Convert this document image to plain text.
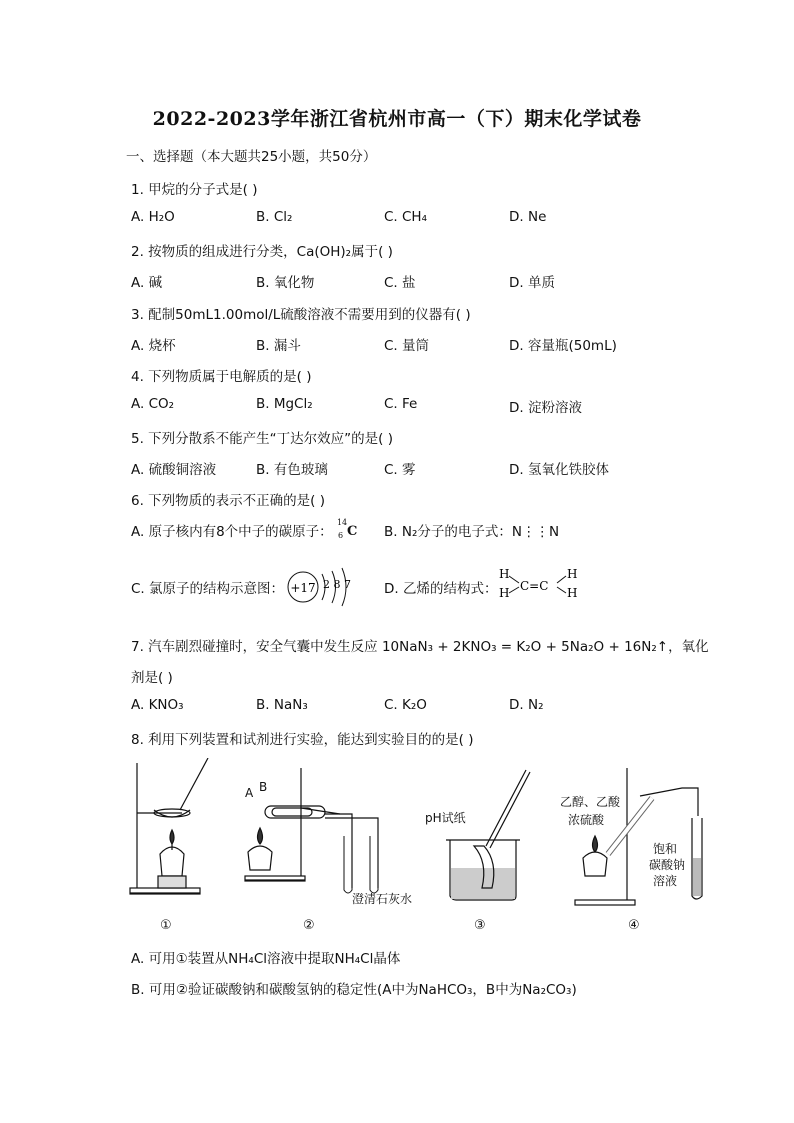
2022-2023学年浙江省杭州市高一（下）期末化学试卷
一、选择题（本大题共25小题，共50分）
1. 甲烷的分子式是( )
A. H₂O	B. Cl₂	C. CH₄	D. Ne
2. 按物质的组成进行分类，Ca(OH)₂属于( )
A. 碱	B. 氧化物	C. 盐	D. 单质
3. 配制50mL1.00mol/L硫酸溶液不需要用到的仪器有( )
A. 烧杯	B. 漏斗	C. 量筒	D. 容量瓶(50mL)
4. 下列物质属于电解质的是( )
A. CO₂	B. MgCl₂	C. Fe	D. 淀粉溶液
5. 下列分散系不能产生“丁达尔效应”的是( )
A. 硫酸铜溶液	B. 有色玻璃	C. 雾	D. 氢氧化铁胶体
6. 下列物质的表示不正确的是( )
A. 原子核内有8个中子的碳原子：
14
6 C B. N₂分子的电子式：N⋮⋮N
C. 氯原子的结构示意图： +17 2 8 7 D. 乙烯的结构式：
H
H C=C
H
H
7. 汽车剧烈碰撞时，安全气囊中发生反应 10NaN₃ + 2KNO₃ = K₂O + 5Na₂O + 16N₂↑，氧化
剂是( )
A. KNO₃	B. NaN₃	C. K₂O	D. N₂
8. 利用下列装置和试剂进行实验，能达到实验目的的是( )
A B
澄清石灰水
pH试纸
乙醇、乙酸
浓硫酸
饱和
碳酸钠
溶液
①	②	③	④
A. 可用①装置从NH₄Cl溶液中提取NH₄Cl晶体
B. 可用②验证碳酸钠和碳酸氢钠的稳定性(A中为NaHCO₃，B中为Na₂CO₃)
